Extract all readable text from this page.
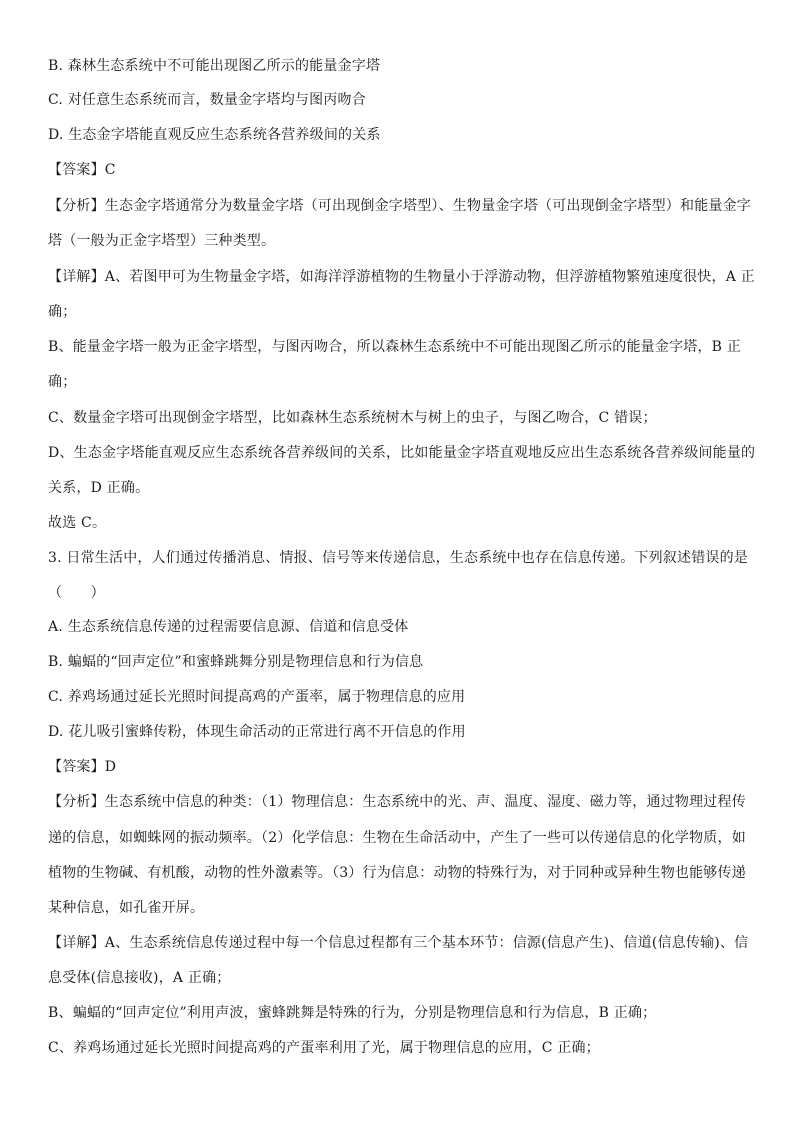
B. 森林生态系统中不可能出现图乙所示的能量金字塔
C. 对任意生态系统而言，数量金字塔均与图丙吻合
D. 生态金字塔能直观反应生态系统各营养级间的关系
【答案】C
【分析】生态金字塔通常分为数量金字塔（可出现倒金字塔型）、生物量金字塔（可出现倒金字塔型）和能量金字
塔（一般为正金字塔型）三种类型。
【详解】A、若图甲可为生物量金字塔，如海洋浮游植物的生物量小于浮游动物，但浮游植物繁殖速度很快，A 正
确；
B、能量金字塔一般为正金字塔型，与图丙吻合，所以森林生态系统中不可能出现图乙所示的能量金字塔，B 正
确；
C、数量金字塔可出现倒金字塔型，比如森林生态系统树木与树上的虫子，与图乙吻合，C 错误；
D、生态金字塔能直观反应生态系统各营养级间的关系，比如能量金字塔直观地反应出生态系统各营养级间能量的
关系，D 正确。
故选 C。
3. 日常生活中，人们通过传播消息、情报、信号等来传递信息，生态系统中也存在信息传递。下列叙述错误的是
（　　）
A. 生态系统信息传递的过程需要信息源、信道和信息受体
B. 蝙蝠的“回声定位”和蜜蜂跳舞分别是物理信息和行为信息
C. 养鸡场通过延长光照时间提高鸡的产蛋率，属于物理信息的应用
D. 花儿吸引蜜蜂传粉，体现生命活动的正常进行离不开信息的作用
【答案】D
【分析】生态系统中信息的种类：（1）物理信息：生态系统中的光、声、温度、湿度、磁力等，通过物理过程传
递的信息，如蜘蛛网的振动频率。（2）化学信息：生物在生命活动中，产生了一些可以传递信息的化学物质，如
植物的生物碱、有机酸，动物的性外激素等。（3）行为信息：动物的特殊行为，对于同种或异种生物也能够传递
某种信息，如孔雀开屏。
【详解】A、生态系统信息传递过程中每一个信息过程都有三个基本环节：信源(信息产生)、信道(信息传输)、信
息受体(信息接收)，A 正确；
B、蝙蝠的“回声定位”利用声波，蜜蜂跳舞是特殊的行为，分别是物理信息和行为信息，B 正确；
C、养鸡场通过延长光照时间提高鸡的产蛋率利用了光，属于物理信息的应用，C 正确；
